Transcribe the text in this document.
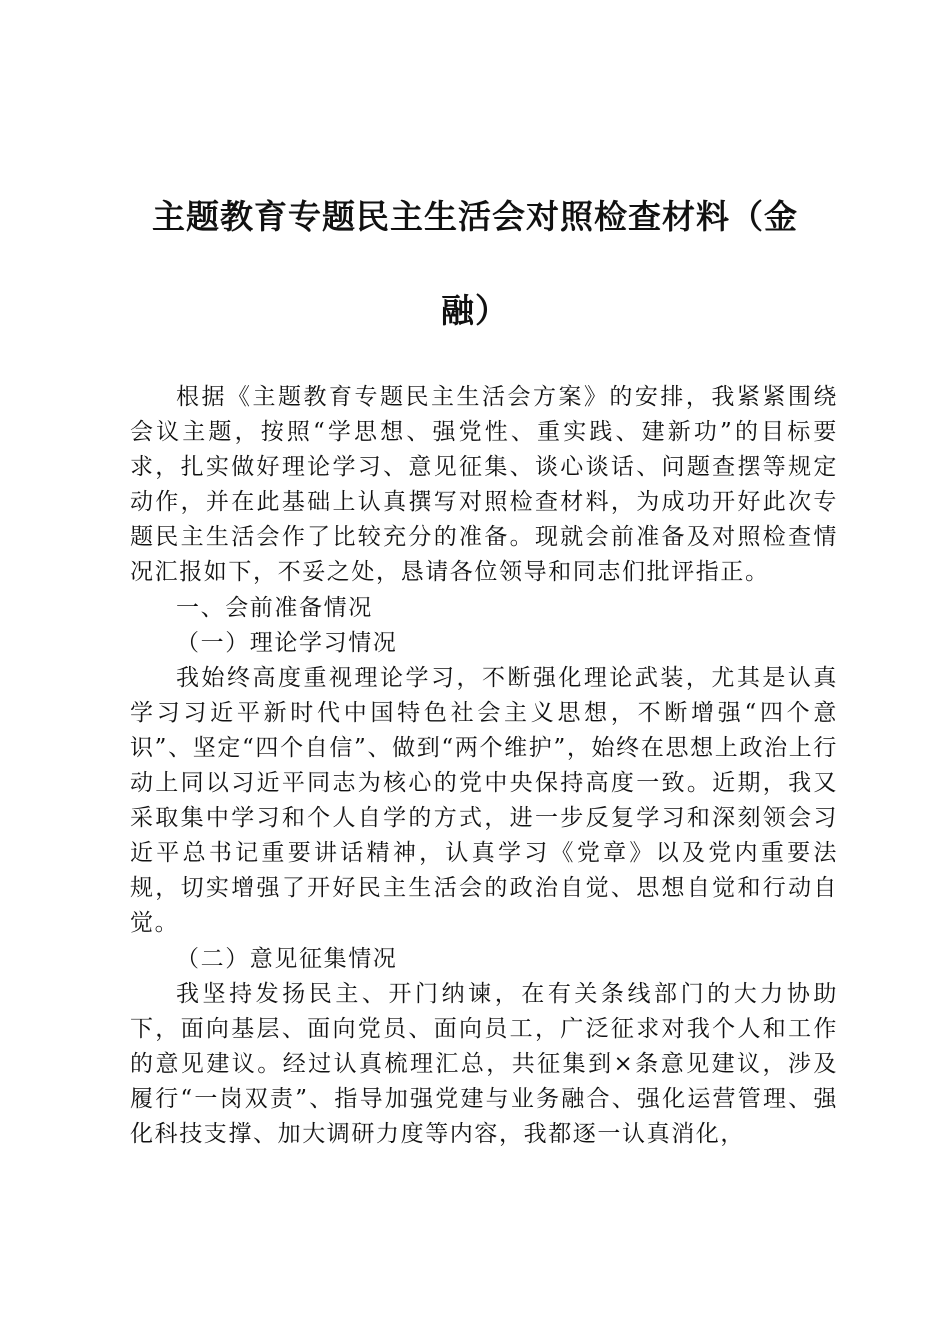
主题教育专题民主生活会对照检查材料（金
融）

根据《主题教育专题民主生活会方案》的安排，我紧紧围绕会议主题，按照“学思想、强党性、重实践、建新功”的目标要求，扎实做好理论学习、意见征集、谈心谈话、问题查摆等规定动作，并在此基础上认真撰写对照检查材料，为成功开好此次专题民主生活会作了比较充分的准备。现就会前准备及对照检查情况汇报如下，不妥之处，恳请各位领导和同志们批评指正。

一、会前准备情况

（一）理论学习情况

我始终高度重视理论学习，不断强化理论武装，尤其是认真学习习近平新时代中国特色社会主义思想，不断增强“四个意识”、坚定“四个自信”、做到“两个维护”，始终在思想上政治上行动上同以习近平同志为核心的党中央保持高度一致。近期，我又采取集中学习和个人自学的方式，进一步反复学习和深刻领会习近平总书记重要讲话精神，认真学习《党章》以及党内重要法规，切实增强了开好民主生活会的政治自觉、思想自觉和行动自觉。

（二）意见征集情况

我坚持发扬民主、开门纳谏，在有关条线部门的大力协助下，面向基层、面向党员、面向员工，广泛征求对我个人和工作的意见建议。经过认真梳理汇总，共征集到×条意见建议，涉及履行“一岗双责”、指导加强党建与业务融合、强化运营管理、强化科技支撑、加大调研力度等内容，我都逐一认真消化，
